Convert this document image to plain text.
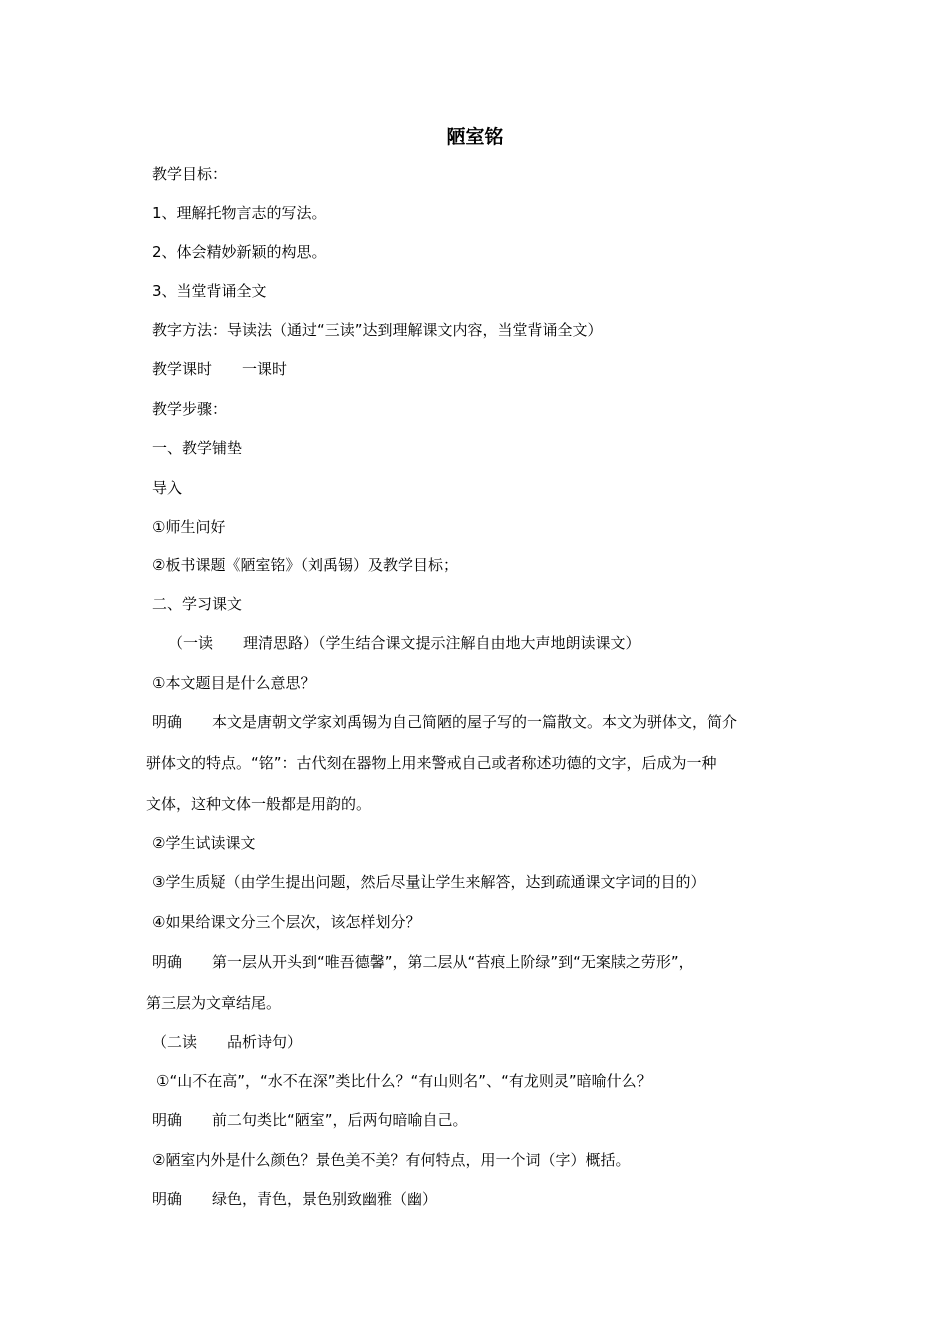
陋室铭

教学目标：

1、理解托物言志的写法。

2、体会精妙新颖的构思。

3、当堂背诵全文

教字方法：导读法（通过“三读”达到理解课文内容，当堂背诵全文）

教学课时　　一课时

教学步骤：

一、教学铺垫

导入

①师生问好

②板书课题《陋室铭》（刘禹锡）及教学目标；

二、学习课文

（一读　　理清思路）（学生结合课文提示注解自由地大声地朗读课文）

①本文题目是什么意思？

明确　　本文是唐朝文学家刘禹锡为自己简陋的屋子写的一篇散文。本文为骈体文，简介

骈体文的特点。“铭”：古代刻在器物上用来警戒自己或者称述功德的文字，后成为一种

文体，这种文体一般都是用韵的。

②学生试读课文

③学生质疑（由学生提出问题，然后尽量让学生来解答，达到疏通课文字词的目的）

④如果给课文分三个层次，该怎样划分？

明确　　第一层从开头到“唯吾德馨”，第二层从“苔痕上阶绿”到“无案牍之劳形”，

第三层为文章结尾。

（二读　　品析诗句）

①“山不在高”，“水不在深”类比什么？“有山则名”、“有龙则灵”暗喻什么？

明确　　前二句类比“陋室”，后两句暗喻自己。

②陋室内外是什么颜色？景色美不美？有何特点，用一个词（字）概括。

明确　　绿色，青色，景色别致幽雅（幽）
